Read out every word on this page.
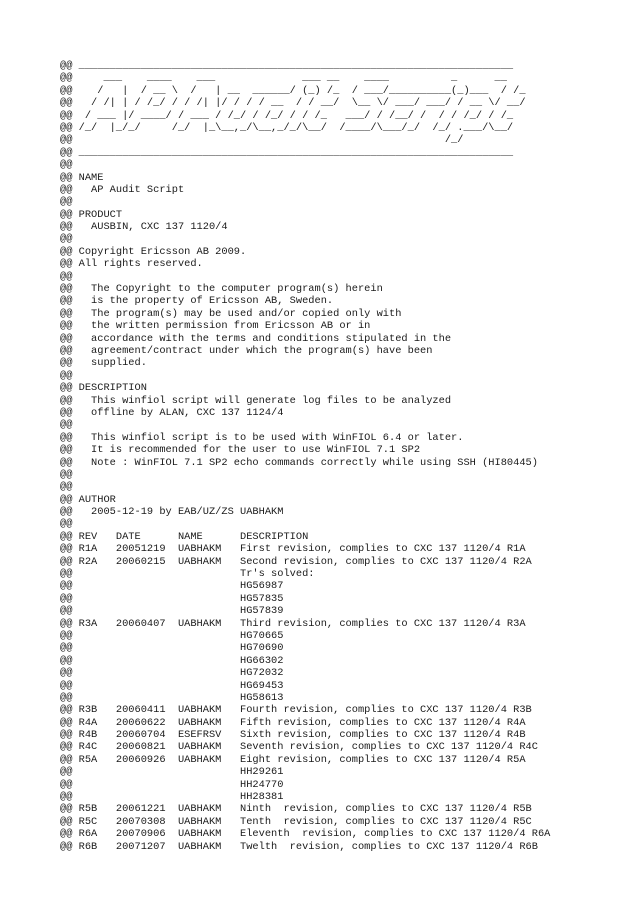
@@ ______________________________________________________________________
@@     ___    ____    ___              ___ __    ____          _      __
@@    /   |  / __ \  /   | __  ______/ (_) /_  / ___/__________(_)___  / /_
@@   / /| | / /_/ / / /| |/ / / / __  / / __/  \__ \/ ___/ ___/ / __ \/ __/
@@  / ___ |/ ____/ / ___ / /_/ / /_/ / / /_   ___/ / /__/ /  / / /_/ / /_
@@ /_/  |_/_/     /_/  |_\__,_/\__,_/_/\__/  /____/\___/_/  /_/ .___/\__/
@@                                                            /_/
@@ ______________________________________________________________________
@@
@@ NAME
@@   AP Audit Script
@@
@@ PRODUCT
@@   AUSBIN, CXC 137 1120/4
@@
@@ Copyright Ericsson AB 2009.
@@ All rights reserved.
@@
@@   The Copyright to the computer program(s) herein
@@   is the property of Ericsson AB, Sweden.
@@   The program(s) may be used and/or copied only with
@@   the written permission from Ericsson AB or in
@@   accordance with the terms and conditions stipulated in the
@@   agreement/contract under which the program(s) have been
@@   supplied.
@@
@@ DESCRIPTION
@@   This winfiol script will generate log files to be analyzed
@@   offline by ALAN, CXC 137 1124/4
@@
@@   This winfiol script is to be used with WinFIOL 6.4 or later.
@@   It is recommended for the user to use WinFIOL 7.1 SP2
@@   Note : WinFIOL 7.1 SP2 echo commands correctly while using SSH (HI80445)
@@
@@
@@ AUTHOR
@@   2005-12-19 by EAB/UZ/ZS UABHAKM
@@
@@ REV   DATE      NAME      DESCRIPTION
@@ R1A   20051219  UABHAKM   First revision, complies to CXC 137 1120/4 R1A
@@ R2A   20060215  UABHAKM   Second revision, complies to CXC 137 1120/4 R2A
@@                           Tr's solved:
@@                           HG56987
@@                           HG57835
@@                           HG57839
@@ R3A   20060407  UABHAKM   Third revision, complies to CXC 137 1120/4 R3A
@@                           HG70665
@@                           HG70690
@@                           HG66302
@@                           HG72032
@@                           HG69453
@@                           HG58613
@@ R3B   20060411  UABHAKM   Fourth revision, complies to CXC 137 1120/4 R3B
@@ R4A   20060622  UABHAKM   Fifth revision, complies to CXC 137 1120/4 R4A
@@ R4B   20060704  ESEFRSV   Sixth revision, complies to CXC 137 1120/4 R4B
@@ R4C   20060821  UABHAKM   Seventh revision, complies to CXC 137 1120/4 R4C
@@ R5A   20060926  UABHAKM   Eight revision, complies to CXC 137 1120/4 R5A
@@                           HH29261
@@                           HH24770
@@                           HH28381
@@ R5B   20061221  UABHAKM   Ninth  revision, complies to CXC 137 1120/4 R5B
@@ R5C   20070308  UABHAKM   Tenth  revision, complies to CXC 137 1120/4 R5C
@@ R6A   20070906  UABHAKM   Eleventh  revision, complies to CXC 137 1120/4 R6A
@@ R6B   20071207  UABHAKM   Twelth  revision, complies to CXC 137 1120/4 R6B
